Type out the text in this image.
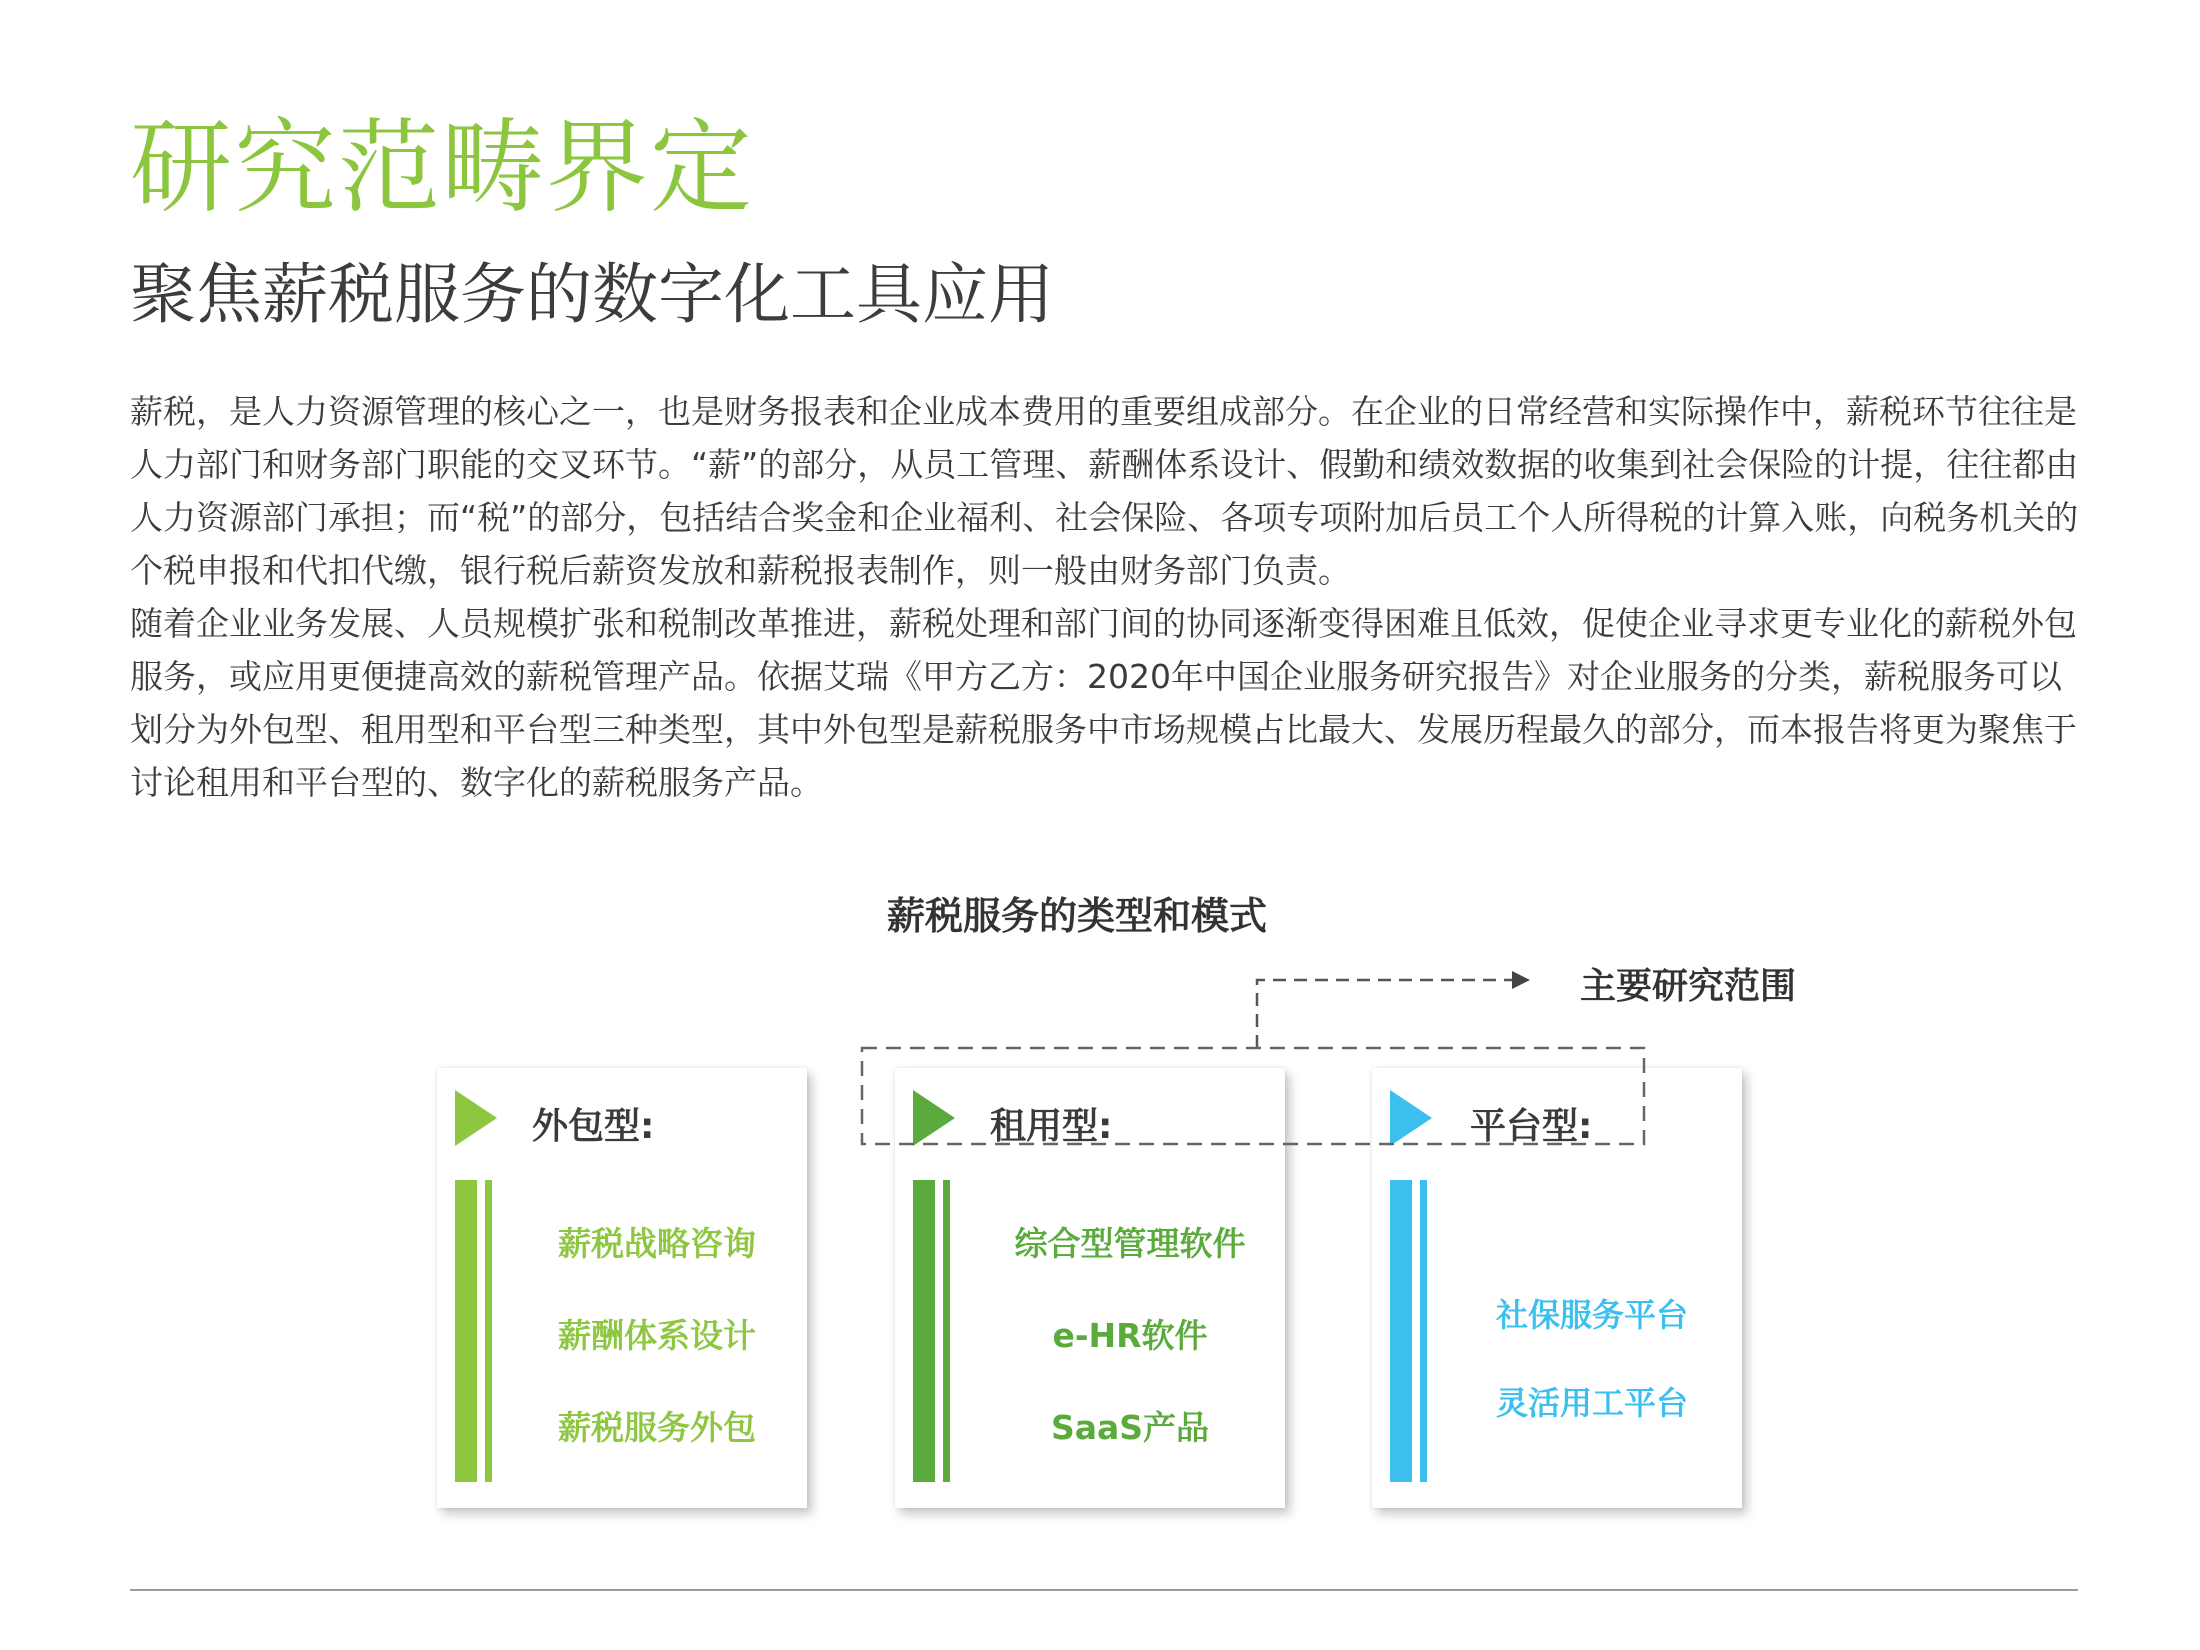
研究范畴界定
聚焦薪税服务的数字化工具应用

薪税，是人力资源管理的核心之一，也是财务报表和企业成本费用的重要组成部分。在企业的日常经营和实际操作中，薪税环节往往是人力部门和财务部门职能的交叉环节。“薪”的部分，从员工管理、薪酬体系设计、假勤和绩效数据的收集到社会保险的计提，往往都由人力资源部门承担；而“税”的部分，包括结合奖金和企业福利、社会保险、各项专项附加后员工个人所得税的计算入账，向税务机关的个税申报和代扣代缴，银行税后薪资发放和薪税报表制作，则一般由财务部门负责。

随着企业业务发展、人员规模扩张和税制改革推进，薪税处理和部门间的协同逐渐变得困难且低效，促使企业寻求更专业化的薪税外包服务，或应用更便捷高效的薪税管理产品。依据艾瑞《甲方乙方：2020年中国企业服务研究报告》对企业服务的分类，薪税服务可以划分为外包型、租用型和平台型三种类型，其中外包型是薪税服务中市场规模占比最大、发展历程最久的部分，而本报告将更为聚焦于讨论租用和平台型的、数字化的薪税服务产品。

薪税服务的类型和模式
主要研究范围
外包型:
薪税战略咨询
薪酬体系设计
薪税服务外包
租用型:
综合型管理软件
e-HR软件
SaaS产品
平台型:
社保服务平台
灵活用工平台
